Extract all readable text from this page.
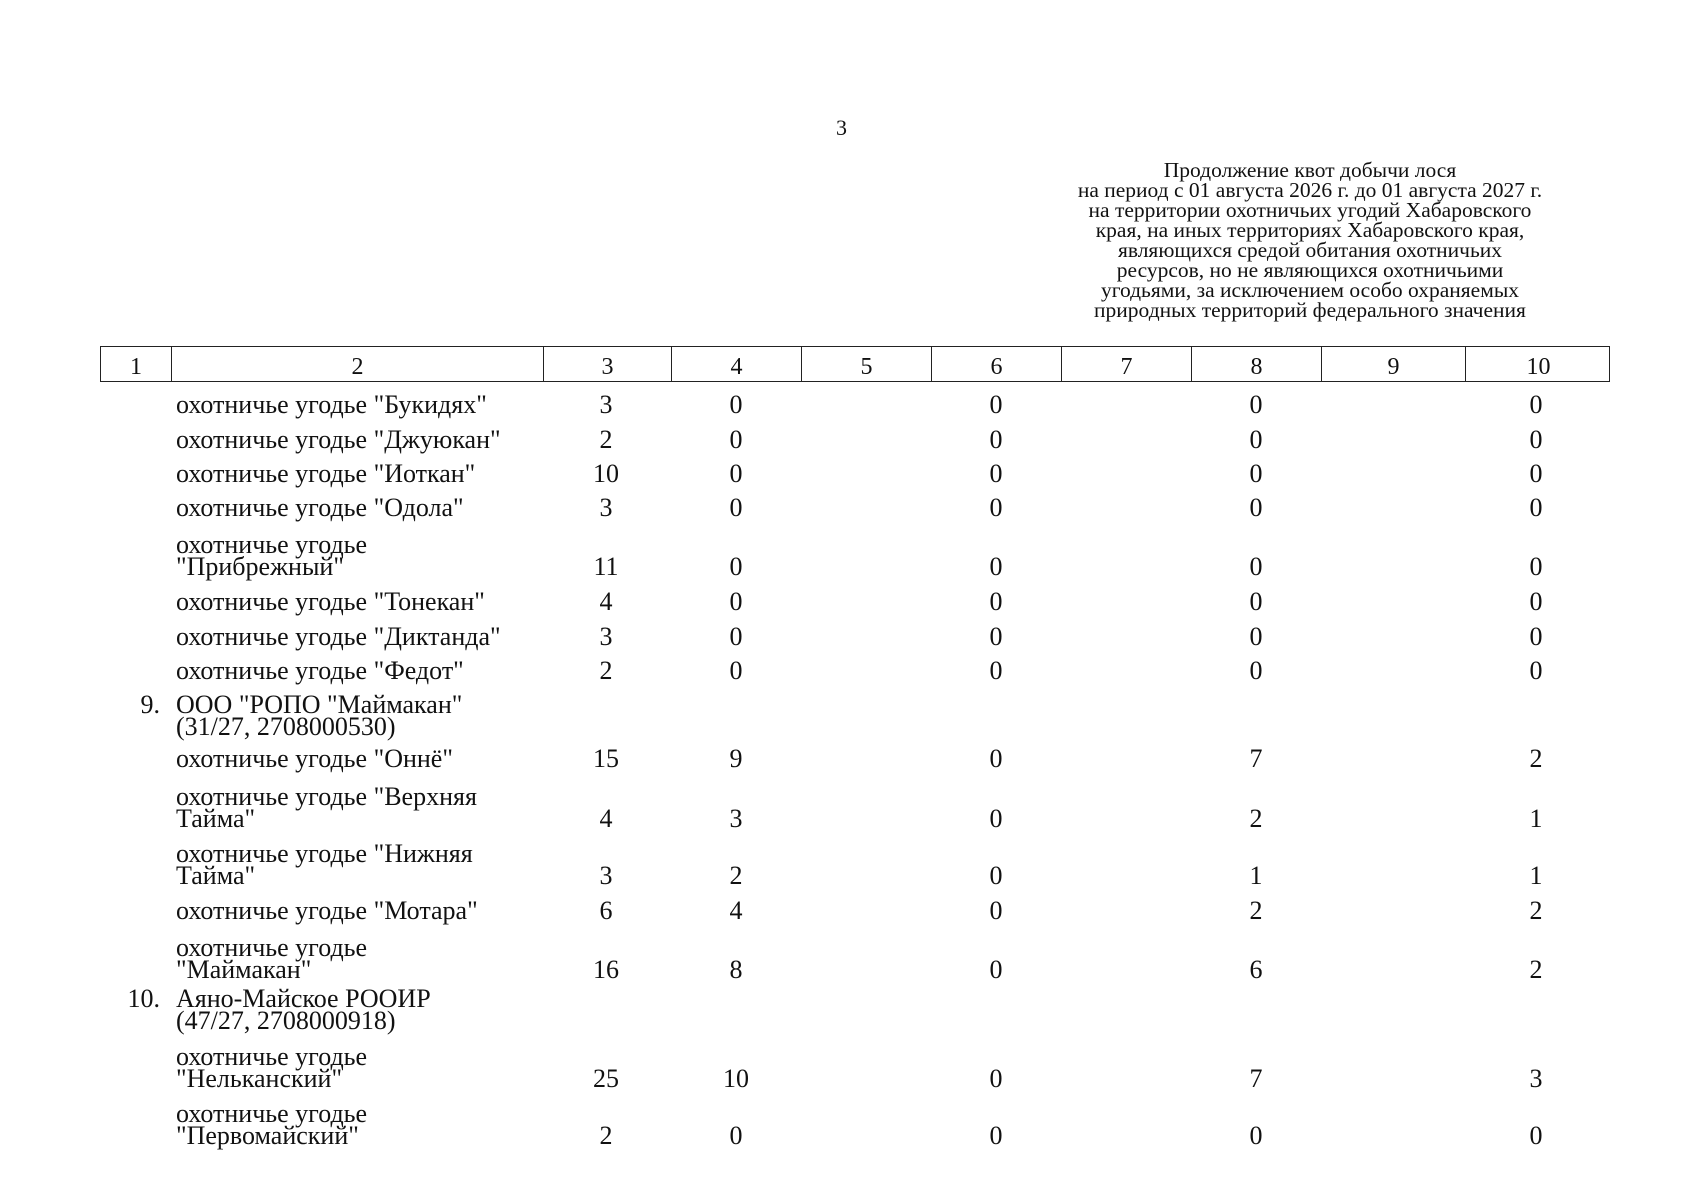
3
Продолжение квот добычи лося
на период с 01 августа 2026 г. до 01 августа 2027 г.
на территории охотничьих угодий Хабаровского
края, на иных территориях Хабаровского края,
являющихся средой обитания охотничьих
ресурсов, но не являющихся охотничьими
угодьями, за исключением особо охраняемых
природных территорий федерального значения
1	2	3	4	5	6	7	8	9	10
охотничье угодье "Букидях"	3	0	0	0	0
охотничье угодье "Джуюкан"	2	0	0	0	0
охотничье угодье "Иоткан"	10	0	0	0	0
охотничье угодье "Одола"	3	0	0	0	0
охотничье угодье
"Прибрежный"	11	0	0	0	0
охотничье угодье "Тонекан"	4	0	0	0	0
охотничье угодье "Диктанда"	3	0	0	0	0
охотничье угодье "Федот"	2	0	0	0	0
9. ООО "РОПО "Маймакан"
(31/27, 2708000530)
охотничье угодье "Оннё"	15	9	0	7	2
охотничье угодье "Верхняя
Тайма"	4	3	0	2	1
охотничье угодье "Нижняя
Тайма"	3	2	0	1	1
охотничье угодье "Мотара"	6	4	0	2	2
охотничье угодье
"Маймакан"	16	8	0	6	2
10. Аяно-Майское РООИР
(47/27, 2708000918)
охотничье угодье
"Нельканский"	25	10	0	7	3
охотничье угодье
"Первомайский"	2	0	0	0	0
